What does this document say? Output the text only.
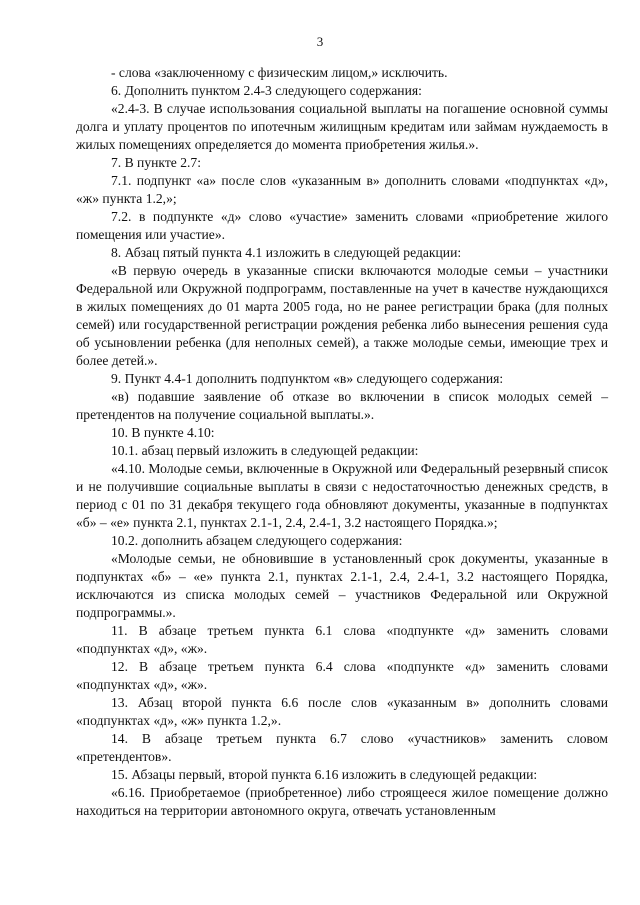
3

- слова «заключенному с физическим лицом,» исключить.

6. Дополнить пунктом 2.4-3 следующего содержания:

«2.4-3. В случае использования социальной выплаты на погашение основной суммы долга и уплату процентов по ипотечным жилищным кредитам или займам нуждаемость в жилых помещениях определяется до момента приобретения жилья.».

7. В пункте 2.7:

7.1. подпункт «а» после слов «указанным в» дополнить словами «подпунктах «д», «ж» пункта 1.2,»;

7.2. в подпункте «д» слово «участие» заменить словами «приобретение жилого помещения или участие».

8. Абзац пятый пункта 4.1 изложить в следующей редакции:

«В первую очередь в указанные списки включаются молодые семьи – участники Федеральной или Окружной подпрограмм, поставленные на учет в качестве нуждающихся в жилых помещениях до 01 марта 2005 года, но не ранее регистрации брака (для полных семей) или государственной регистрации рождения ребенка либо вынесения решения суда об усыновлении ребенка (для неполных семей), а также молодые семьи, имеющие трех и более детей.».

9. Пункт 4.4-1 дополнить подпунктом «в» следующего содержания:

«в) подавшие заявление об отказе во включении в список молодых семей – претендентов на получение социальной выплаты.».

10. В пункте 4.10:

10.1. абзац первый изложить в следующей редакции:

«4.10. Молодые семьи, включенные в Окружной или Федеральный резервный список и не получившие социальные выплаты в связи с недостаточностью денежных средств, в период с 01 по 31 декабря текущего года обновляют документы, указанные в подпунктах «б» – «е» пункта 2.1, пунктах 2.1-1, 2.4, 2.4-1, 3.2 настоящего Порядка.»;

10.2. дополнить абзацем следующего содержания:

«Молодые семьи, не обновившие в установленный срок документы, указанные в подпунктах «б» – «е» пункта 2.1, пунктах 2.1-1, 2.4, 2.4-1, 3.2 настоящего Порядка, исключаются из списка молодых семей – участников Федеральной или Окружной подпрограммы.».

11. В абзаце третьем пункта 6.1 слова «подпункте «д» заменить словами «подпунктах «д», «ж».

12. В абзаце третьем пункта 6.4 слова «подпункте «д» заменить словами «подпунктах «д», «ж».

13. Абзац второй пункта 6.6 после слов «указанным в» дополнить словами «подпунктах «д», «ж» пункта 1.2,».

14. В абзаце третьем пункта 6.7 слово «участников» заменить словом «претендентов».

15. Абзацы первый, второй пункта 6.16 изложить в следующей редакции:

«6.16. Приобретаемое (приобретенное) либо строящееся жилое помещение должно находиться на территории автономного округа, отвечать установленным
